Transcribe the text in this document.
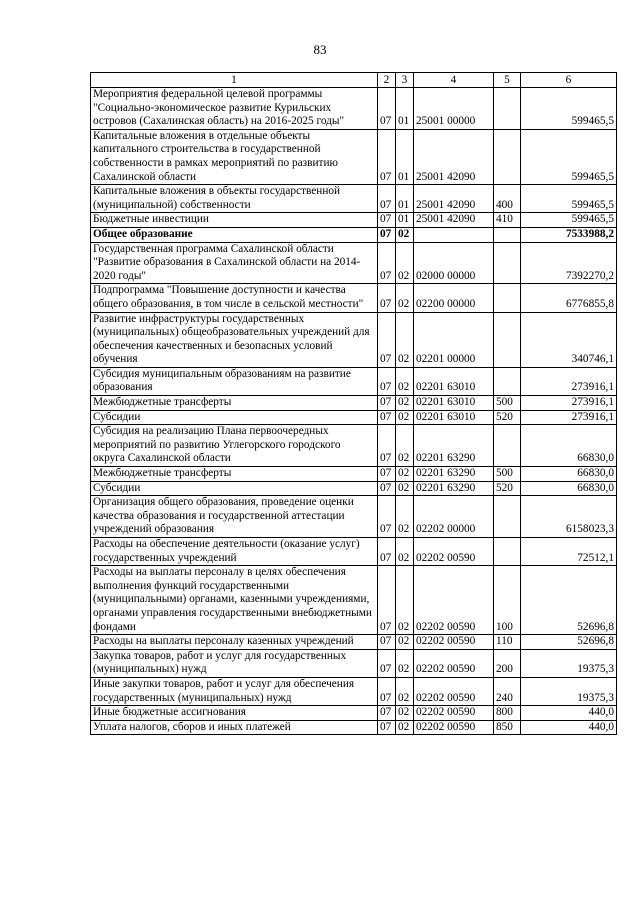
83
1	2	3	4	5	6
Мероприятия федеральной целевой программы "Социально-экономическое развитие Курильских островов (Сахалинская область) на 2016-2025 годы"	07	01	25001 00000		599465,5
Капитальные вложения в отдельные объекты капитального строительства в государственной собственности в рамках мероприятий по развитию Сахалинской области	07	01	25001 42090		599465,5
Капитальные вложения в объекты государственной (муниципальной) собственности	07	01	25001 42090	400	599465,5
Бюджетные инвестиции	07	01	25001 42090	410	599465,5
Общее образование	07	02			7533988,2
Государственная программа Сахалинской области "Развитие образования в Сахалинской области на 2014-2020 годы"	07	02	02000 00000		7392270,2
Подпрограмма "Повышение доступности и качества общего образования, в том числе в сельской местности"	07	02	02200 00000		6776855,8
Развитие инфраструктуры государственных (муниципальных) общеобразовательных учреждений для обеспечения качественных и безопасных условий обучения	07	02	02201 00000		340746,1
Субсидия муниципальным образованиям на развитие образования	07	02	02201 63010		273916,1
Межбюджетные трансферты	07	02	02201 63010	500	273916,1
Субсидии	07	02	02201 63010	520	273916,1
Субсидия на реализацию Плана первоочередных мероприятий по развитию Углегорского городского округа Сахалинской области	07	02	02201 63290		66830,0
Межбюджетные трансферты	07	02	02201 63290	500	66830,0
Субсидии	07	02	02201 63290	520	66830,0
Организация общего образования, проведение оценки качества образования и государственной аттестации учреждений образования	07	02	02202 00000		6158023,3
Расходы на обеспечение деятельности (оказание услуг) государственных учреждений	07	02	02202 00590		72512,1
Расходы на выплаты персоналу в целях обеспечения выполнения функций государственными (муниципальными) органами, казенными учреждениями, органами управления государственными внебюджетными фондами	07	02	02202 00590	100	52696,8
Расходы на выплаты персоналу казенных учреждений	07	02	02202 00590	110	52696,8
Закупка товаров, работ и услуг для государственных (муниципальных) нужд	07	02	02202 00590	200	19375,3
Иные закупки товаров, работ и услуг для обеспечения государственных (муниципальных) нужд	07	02	02202 00590	240	19375,3
Иные бюджетные ассигнования	07	02	02202 00590	800	440,0
Уплата налогов, сборов и иных платежей	07	02	02202 00590	850	440,0
